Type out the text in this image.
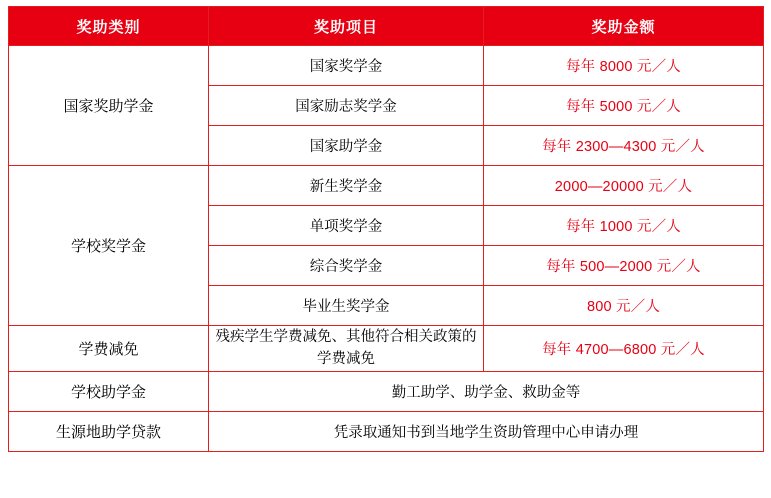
奖助类别	奖助项目	奖助金额
国家奖助学金	国家奖学金	每年 8000 元／人
	国家励志奖学金	每年 5000 元／人
	国家助学金	每年 2300—4300 元／人
学校奖学金	新生奖学金	2000—20000 元／人
	单项奖学金	每年 1000 元／人
	综合奖学金	每年 500—2000 元／人
	毕业生奖学金	800 元／人
学费减免	残疾学生学费减免、其他符合相关政策的学费减免	每年 4700—6800 元／人
学校助学金	勤工助学、助学金、救助金等	
生源地助学贷款	凭录取通知书到当地学生资助管理中心申请办理	
